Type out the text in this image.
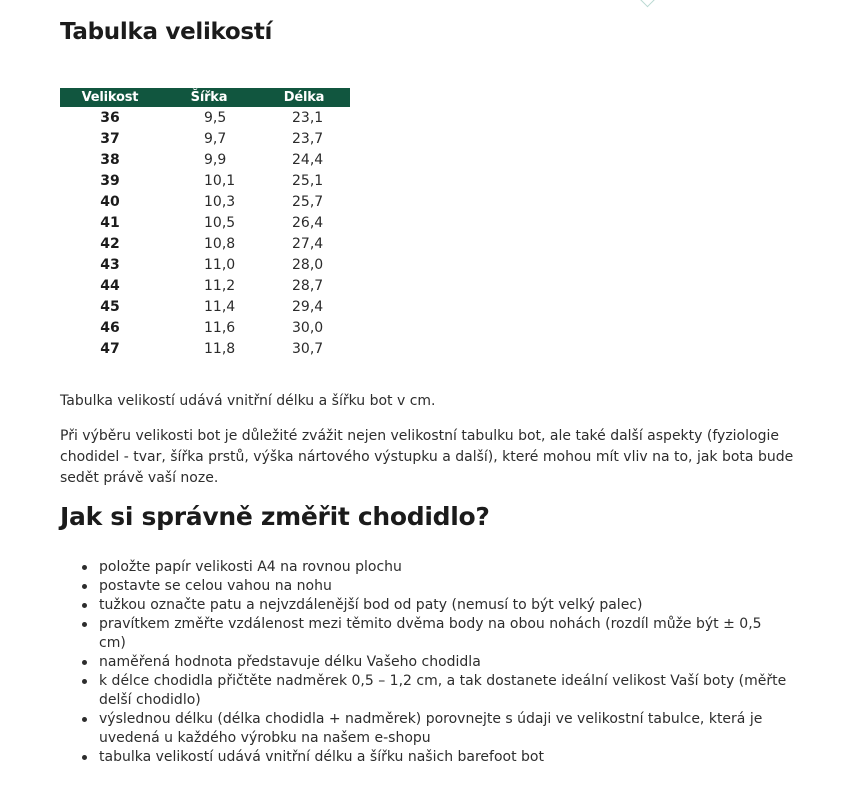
Tabulka velikostí
Velikost	Šířka	Délka
36	9,5	23,1
37	9,7	23,7
38	9,9	24,4
39	10,1	25,1
40	10,3	25,7
41	10,5	26,4
42	10,8	27,4
43	11,0	28,0
44	11,2	28,7
45	11,4	29,4
46	11,6	30,0
47	11,8	30,7

Tabulka velikostí udává vnitřní délku a šířku bot v cm.

Při výběru velikosti bot je důležité zvážit nejen velikostní tabulku bot, ale také další aspekty (fyziologie chodidel - tvar, šířka prstů, výška nártového výstupku a další), které mohou mít vliv na to, jak bota bude sedět právě vaší noze.

Jak si správně změřit chodidlo?
položte papír velikosti A4 na rovnou plochu
postavte se celou vahou na nohu
tužkou označte patu a nejvzdálenější bod od paty (nemusí to být velký palec)
pravítkem změřte vzdálenost mezi těmito dvěma body na obou nohách (rozdíl může být ± 0,5 cm)
naměřená hodnota představuje délku Vašeho chodidla
k délce chodidla přičtěte nadměrek 0,5 – 1,2 cm, a tak dostanete ideální velikost Vaší boty (měřte delší chodidlo)
výslednou délku (délka chodidla + nadměrek) porovnejte s údaji ve velikostní tabulce, která je uvedená u každého výrobku na našem e-shopu
tabulka velikostí udává vnitřní délku a šířku našich barefoot bot
